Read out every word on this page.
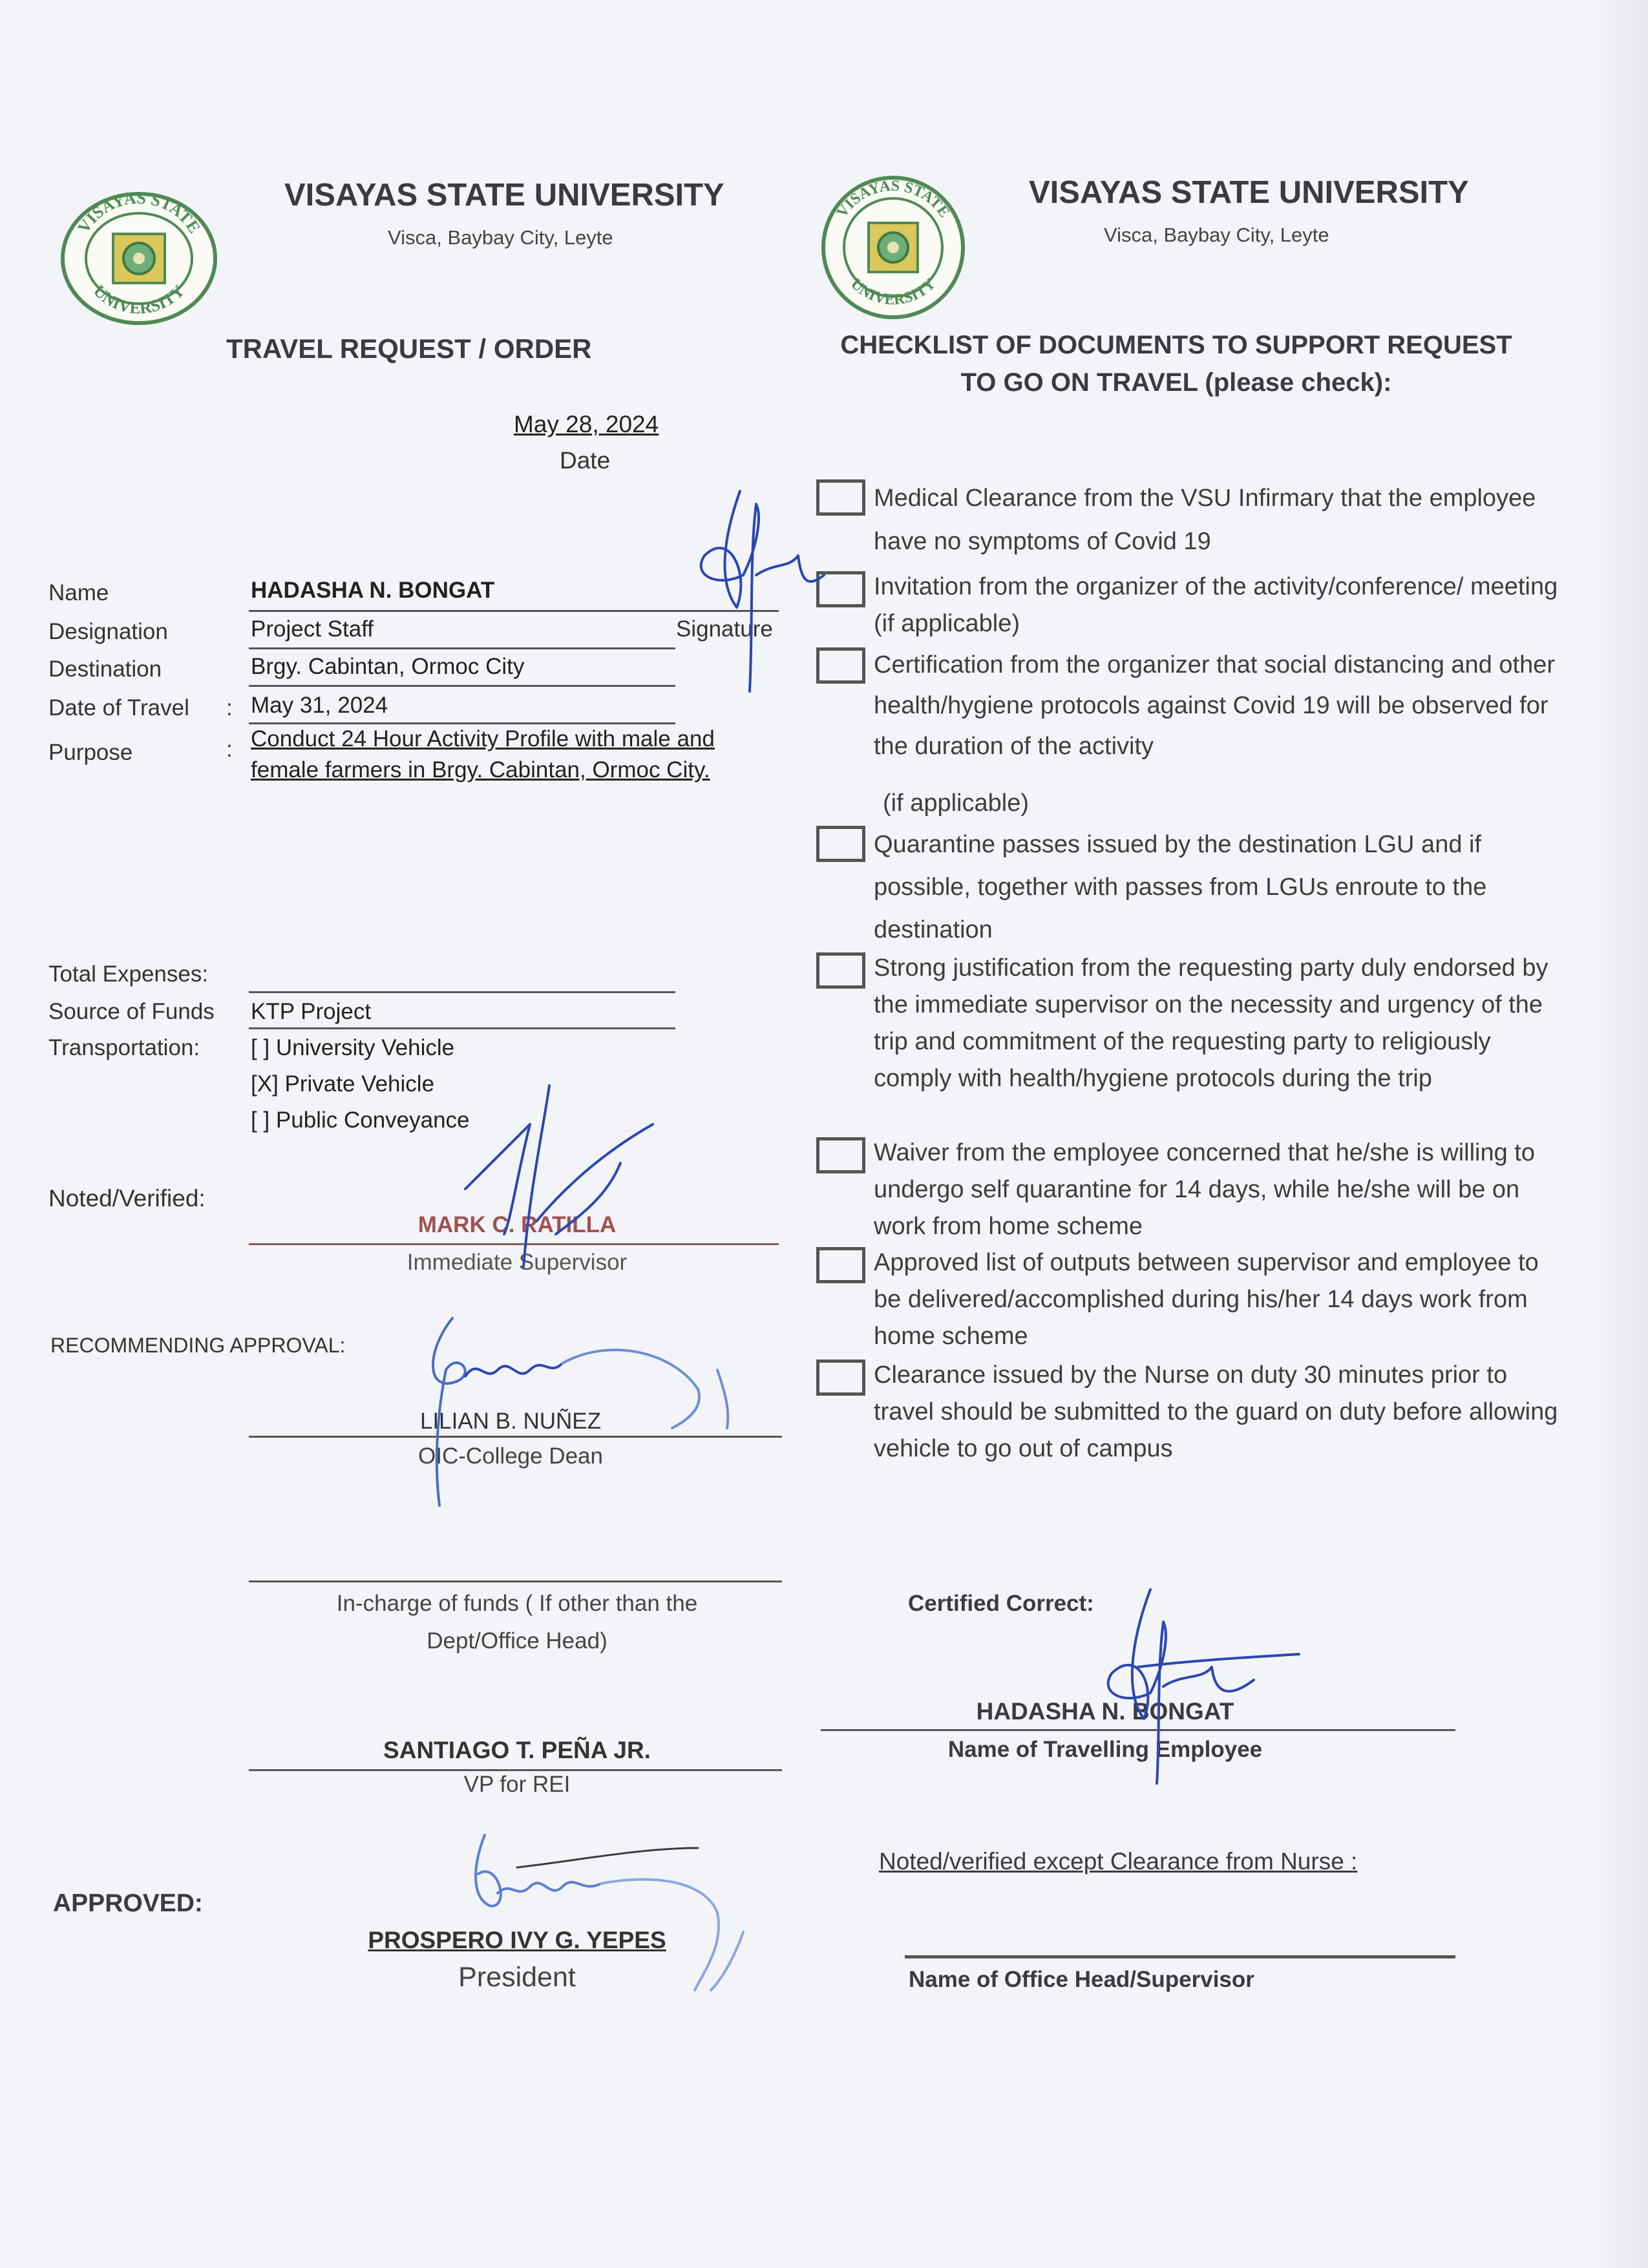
VISAYAS STATE
UNIVERSITY
VISAYAS STATE UNIVERSITY
Visca, Baybay City, Leyte
VISAYAS STATE
UNIVERSITY
VISAYAS STATE UNIVERSITY
Visca, Baybay City, Leyte
TRAVEL REQUEST / ORDER
May 28, 2024
Date
Name	HADASHA N. BONGAT
Signature
Designation	Project Staff
Destination	Brgy. Cabintan, Ormoc City
Date of Travel : May 31, 2024
Purpose	: Conduct 24 Hour Activity Profile with male and
female farmers in Brgy. Cabintan, Ormoc City.
Total Expenses:
Source of Funds KTP Project
Transportation: [ ] University Vehicle
[X] Private Vehicle
[ ] Public Conveyance
Noted/Verified:
MARK C. RATILLA
Immediate Supervisor
RECOMMENDING APPROVAL:
LILIAN B. NUÑEZ
OIC-College Dean
In-charge of funds ( If other than the
Dept/Office Head)
SANTIAGO T. PEÑA JR.
VP for REI
APPROVED:
PROSPERO IVY G. YEPES
President
CHECKLIST OF DOCUMENTS TO SUPPORT REQUEST
TO GO ON TRAVEL (please check):
Medical Clearance from the VSU Infirmary that the employee have no symptoms of Covid 19
Invitation from the organizer of the activity/conference/ meeting (if applicable)
Certification from the organizer that social distancing and other health/hygiene protocols against Covid 19 will be observed for the duration of the activity
(if applicable)
Quarantine passes issued by the destination LGU and if possible, together with passes from LGUs enroute to the destination
Strong justification from the requesting party duly endorsed by the immediate supervisor on the necessity and urgency of the trip and commitment of the requesting party to religiously comply with health/hygiene protocols during the trip
Waiver from the employee concerned that he/she is willing to undergo self quarantine for 14 days, while he/she will be on work from home scheme
Approved list of outputs between supervisor and employee to be delivered/accomplished during his/her 14 days work from home scheme
Clearance issued by the Nurse on duty 30 minutes prior to travel should be submitted to the guard on duty before allowing vehicle to go out of campus
Certified Correct:
HADASHA N. BONGAT
Name of Travelling Employee
Noted/verified except Clearance from Nurse :
Name of Office Head/Supervisor
